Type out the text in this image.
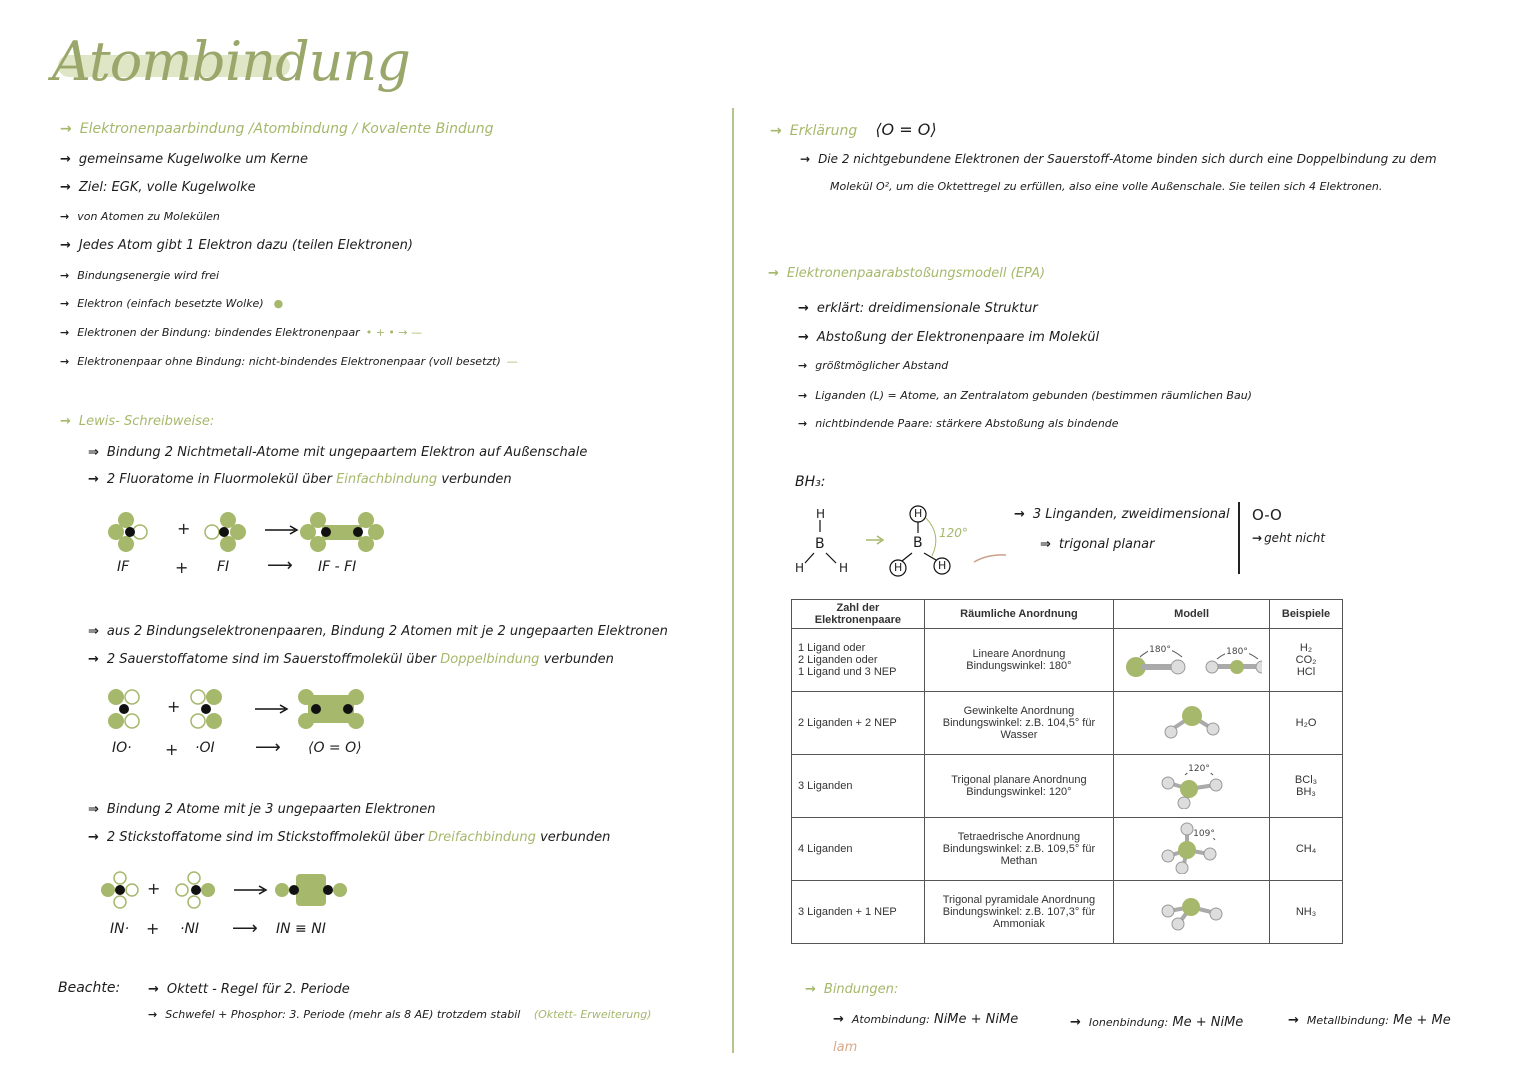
Atombindung
→ Elektronenpaarbindung /Atombindung / Kovalente Bindung
→ gemeinsame Kugelwolke um Kerne
→ Ziel: EGK, volle Kugelwolke
→ von Atomen zu Molekülen
→ Jedes Atom gibt 1 Elektron dazu (teilen Elektronen)
→ Bindungsenergie wird frei
→ Elektron (einfach besetzte Wolke) ●
→ Elektronen der Bindung: bindendes Elektronenpaar • + • → —
→ Elektronenpaar ohne Bindung: nicht-bindendes Elektronenpaar (voll besetzt) —
→ Lewis- Schreibweise:
⇒ Bindung 2 Nichtmetall-Atome mit ungepaartem Elektron auf Außenschale
→ 2 Fluoratome in Fluormolekül über Einfachbindung verbunden
+
IF	+ FI ⟶ IF - FI
⇒ aus 2 Bindungselektronenpaaren, Bindung 2 Atomen mit je 2 ungepaarten Elektronen
→ 2 Sauerstoffatome sind im Sauerstoffmolekül über Doppelbindung verbunden
+
IO· + ·OI ⟶ ⟨O = O⟩
⇒ Bindung 2 Atome mit je 3 ungepaarten Elektronen
→ 2 Stickstoffatome sind im Stickstoffmolekül über Dreifachbindung verbunden
+
IN· + ·NI ⟶ IN ≡ NI
Beachte: → Oktett - Regel für 2. Periode
→ Schwefel + Phosphor: 3. Periode (mehr als 8 AE) trotzdem stabil (Oktett- Erweiterung)
→ Erklärung ⟨O = O⟩
→ Die 2 nichtgebundene Elektronen der Sauerstoff-Atome binden sich durch eine Doppelbindung zu dem
Molekül O², um die Oktettregel zu erfüllen, also eine volle Außenschale. Sie teilen sich 4 Elektronen.
→ Elektronenpaarabstoßungsmodell (EPA)
→ erklärt: dreidimensionale Struktur
→ Abstoßung der Elektronenpaare im Molekül
→ größtmöglicher Abstand
→ Liganden (L) = Atome, an Zentralatom gebunden (bestimmen räumlichen Bau)
→ nichtbindende Paare: stärkere Abstoßung als bindende
BH₃:
H
B
H	H
H
B
H	H
120°
→ 3 Linganden, zweidimensional
⇒ trigonal planar
O-O
→ geht nicht
Zahl der Elektronenpaare	Räumliche Anordnung	Modell	Beispiele
1 Ligand oder
2 Liganden oder
1 Ligand und 3 NEP	Lineare Anordnung
Bindungswinkel: 180°	180° 180°	H₂
CO₂
HCl
2 Liganden + 2 NEP	Gewinkelte Anordnung
Bindungswinkel: z.B. 104,5° für
Wasser		H₂O
3 Liganden	Trigonal planare Anordnung
Bindungswinkel: 120°	120°	BCl₃
BH₃
4 Liganden	Tetraedrische Anordnung
Bindungswinkel: z.B. 109,5° für
Methan	109°	CH₄
3 Liganden + 1 NEP	Trigonal pyramidale Anordnung
Bindungswinkel: z.B. 107,3° für
Ammoniak		NH₃
→ Bindungen:
→ Atombindung: NiMe + NiMe	→ Ionenbindung: Me + NiMe	→ Metallbindung: Me + Me
lam
